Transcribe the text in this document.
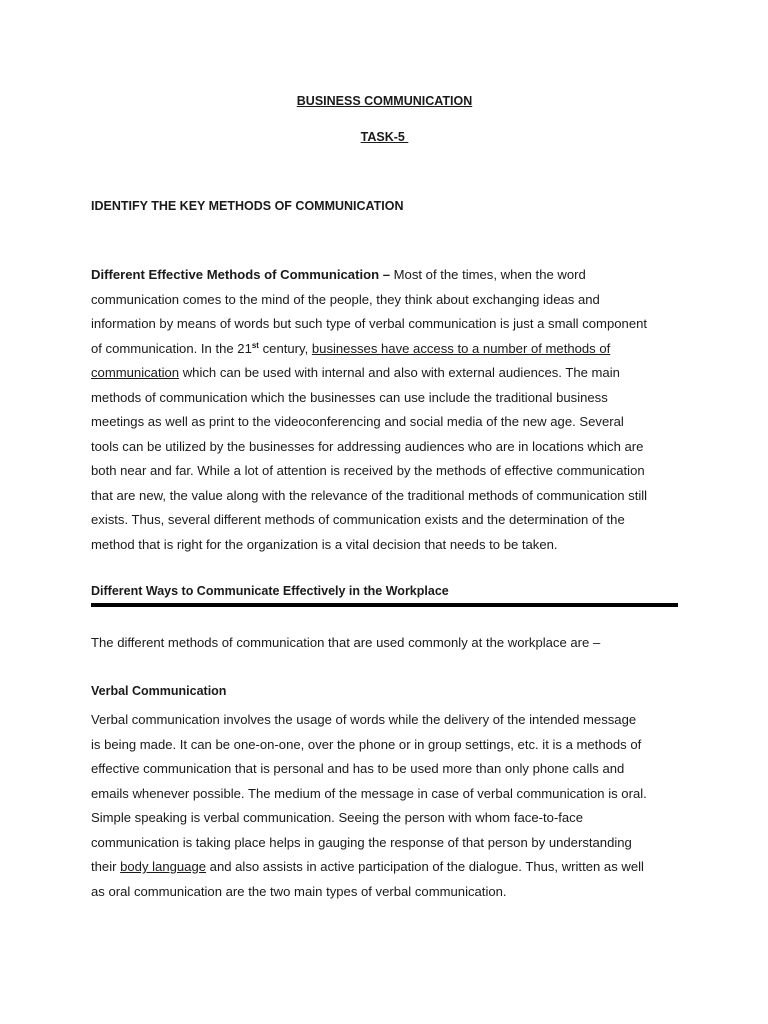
BUSINESS COMMUNICATION
TASK-5
IDENTIFY THE KEY METHODS OF COMMUNICATION
Different Effective Methods of Communication – Most of the times, when the word
communication comes to the mind of the people, they think about exchanging ideas and
information by means of words but such type of verbal communication is just a small component
of communication. In the 21st century, businesses have access to a number of methods of
communication which can be used with internal and also with external audiences. The main
methods of communication which the businesses can use include the traditional business
meetings as well as print to the videoconferencing and social media of the new age. Several
tools can be utilized by the businesses for addressing audiences who are in locations which are
both near and far. While a lot of attention is received by the methods of effective communication
that are new, the value along with the relevance of the traditional methods of communication still
exists. Thus, several different methods of communication exists and the determination of the
method that is right for the organization is a vital decision that needs to be taken.
Different Ways to Communicate Effectively in the Workplace
The different methods of communication that are used commonly at the workplace are –
Verbal Communication
Verbal communication involves the usage of words while the delivery of the intended message
is being made. It can be one-on-one, over the phone or in group settings, etc. it is a methods of
effective communication that is personal and has to be used more than only phone calls and
emails whenever possible. The medium of the message in case of verbal communication is oral.
Simple speaking is verbal communication. Seeing the person with whom face-to-face
communication is taking place helps in gauging the response of that person by understanding
their body language and also assists in active participation of the dialogue. Thus, written as well
as oral communication are the two main types of verbal communication.
